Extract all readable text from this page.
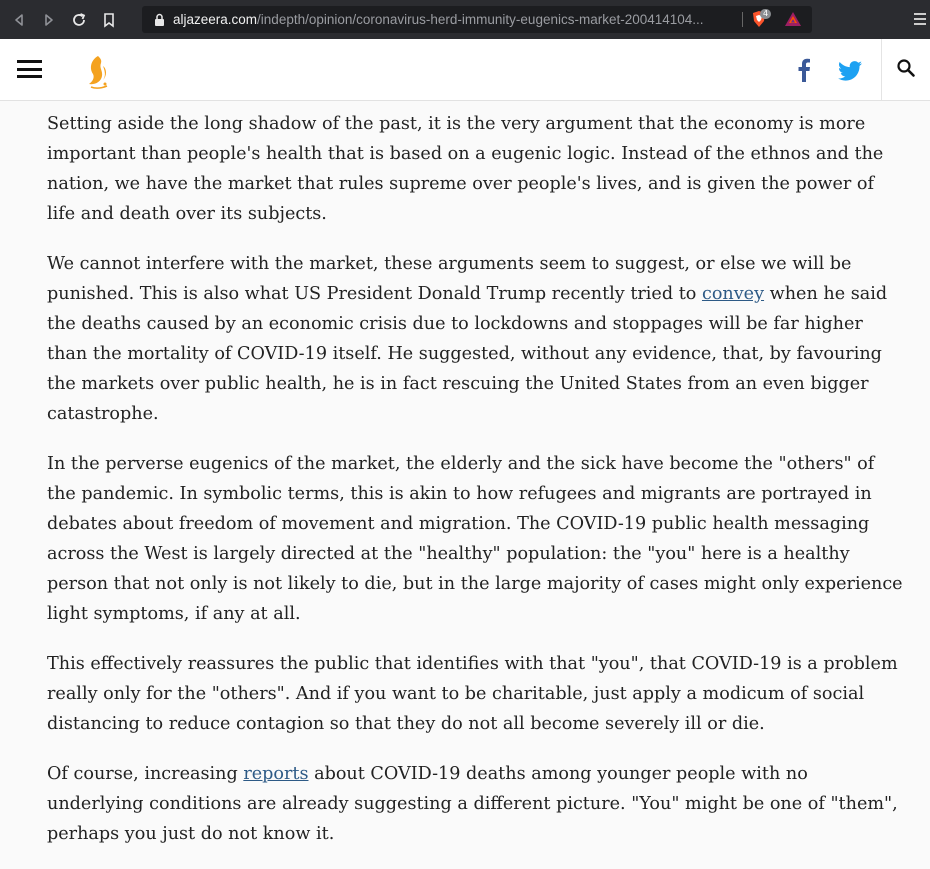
aljazeera.com /indepth/opinion/coronavirus-herd-immunity-eugenics-market-200414104...	4

Setting aside the long shadow of the past, it is the very argument that the economy is more important than people's health that is based on a eugenic logic. Instead of the ethnos and the nation, we have the market that rules supreme over people's lives, and is given the power of life and death over its subjects.

We cannot interfere with the market, these arguments seem to suggest, or else we will be punished. This is also what US President Donald Trump recently tried to convey when he said the deaths caused by an economic crisis due to lockdowns and stoppages will be far higher than the mortality of COVID-19 itself. He suggested, without any evidence, that, by favouring the markets over public health, he is in fact rescuing the United States from an even bigger catastrophe.

In the perverse eugenics of the market, the elderly and the sick have become the "others" of the pandemic. In symbolic terms, this is akin to how refugees and migrants are portrayed in debates about freedom of movement and migration. The COVID-19 public health messaging across the West is largely directed at the "healthy" population: the "you" here is a healthy person that not only is not likely to die, but in the large majority of cases might only experience light symptoms, if any at all.

This effectively reassures the public that identifies with that "you", that COVID-19 is a problem really only for the "others". And if you want to be charitable, just apply a modicum of social distancing to reduce contagion so that they do not all become severely ill or die.

Of course, increasing reports about COVID-19 deaths among younger people with no underlying conditions are already suggesting a different picture. "You" might be one of "them", perhaps you just do not know it.
